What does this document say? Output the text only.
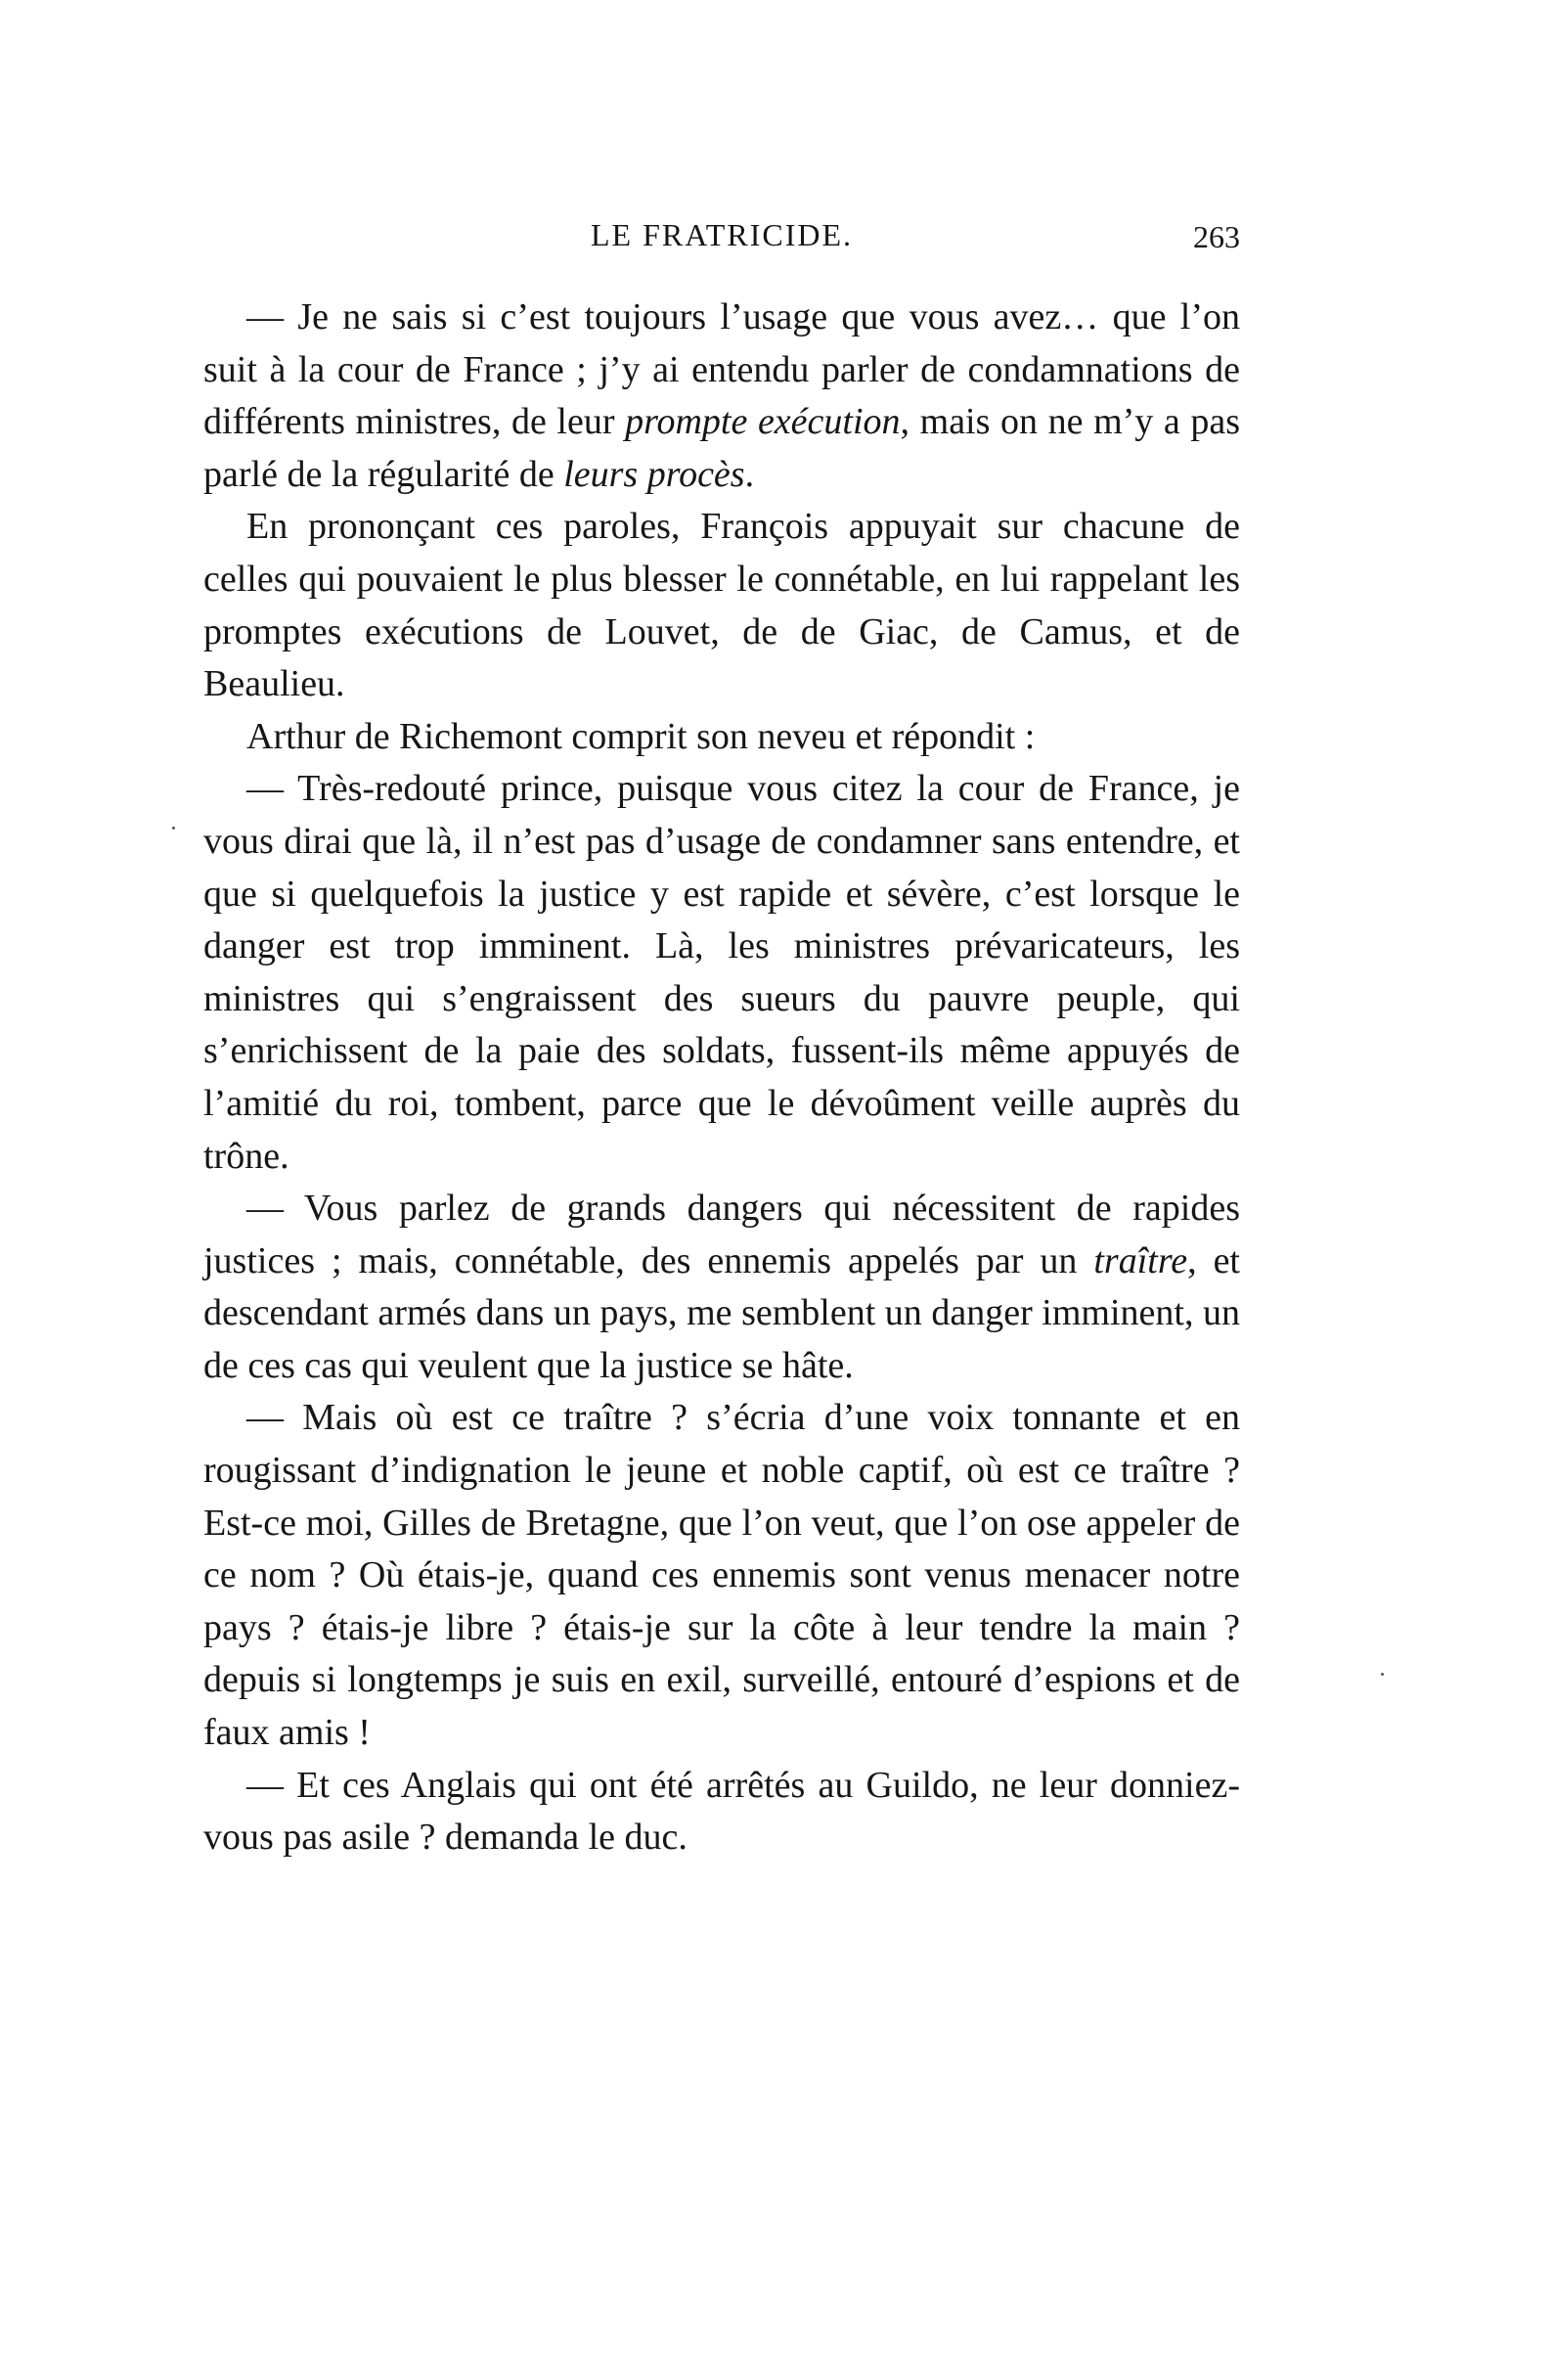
LE FRATRICIDE.	263

— Je ne sais si c’est toujours l’usage que vous avez… que l’on suit à la cour de France ; j’y ai entendu parler de condamnations de différents ministres, de leur prompte exécution, mais on ne m’y a pas parlé de la régularité de leurs procès.

En prononçant ces paroles, François appuyait sur chacune de celles qui pouvaient le plus blesser le connétable, en lui rappelant les promptes exécutions de Louvet, de de Giac, de Camus, et de Beaulieu.

Arthur de Richemont comprit son neveu et répondit :

— Très-redouté prince, puisque vous citez la cour de France, je vous dirai que là, il n’est pas d’usage de condamner sans entendre, et que si quelquefois la justice y est rapide et sévère, c’est lorsque le danger est trop imminent. Là, les ministres prévaricateurs, les ministres qui s’engraissent des sueurs du pauvre peuple, qui s’enrichissent de la paie des soldats, fussent-ils même appuyés de l’amitié du roi, tombent, parce que le dévoûment veille auprès du trône.

— Vous parlez de grands dangers qui nécessitent de rapides justices ; mais, connétable, des ennemis appelés par un traître, et descendant armés dans un pays, me semblent un danger imminent, un de ces cas qui veulent que la justice se hâte.

— Mais où est ce traître ? s’écria d’une voix tonnante et en rougissant d’indignation le jeune et noble captif, où est ce traître ? Est-ce moi, Gilles de Bretagne, que l’on veut, que l’on ose appeler de ce nom ? Où étais-je, quand ces ennemis sont venus menacer notre pays ? étais-je libre ? étais-je sur la côte à leur tendre la main ? depuis si longtemps je suis en exil, surveillé, entouré d’espions et de faux amis !

— Et ces Anglais qui ont été arrêtés au Guildo, ne leur donniez-vous pas asile ? demanda le duc.
